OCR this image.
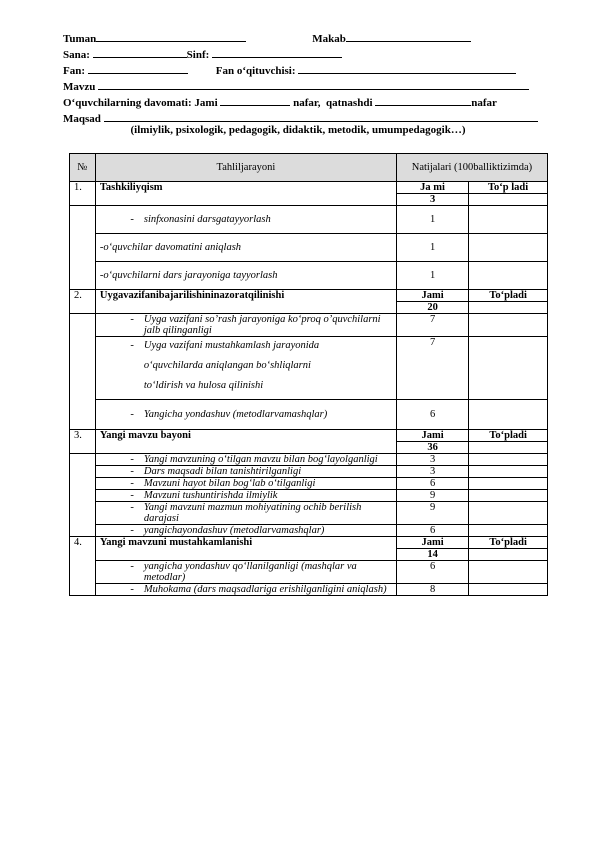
Tuman	Makab
Sana:	Sinf:
Fan:	Fan o‘qituvchisi:
Mavzu
O‘quvchilarning davomati: Jami	nafar,  qatnashdi	nafar
Maqsad
(ilmiylik, psixologik, pedagogik, didaktik, metodik, umumpedagogik…)
№	Tahliljarayoni	Natijalari (100balliktizimda)	
1.	Tashkiliyqism	Ja mi	To‘p ladi
		3	

	- sinfxonasini darsgatayyorlash	1	
	-o‘quvchilar davomatini aniqlash	1	
	-o‘quvchilarni dars jarayoniga tayyorlash	1	
2.	Uygavazifanibajarilishininazoratqilinishi	Jami	To‘pladi
		20	

	- Uyga vazifani so’rash jarayoniga ko‘proq o’quvchilarni jalb qilinganligi	7	

	- Uyga vazifani mustahkamlash jarayonida
o‘quvchilarda aniqlangan bo‘shliqlarni
to‘ldirish va hulosa qilinishi	7	

	- Yangicha yondashuv (metodlarvamashqlar)	6	
3.	Yangi mavzu bayoni	Jami	To‘pladi
		36	

	- Yangi mavzuning o‘tilgan mavzu bilan bog‘layolganligi	3	

	- Dars maqsadi bilan tanishtirilganligi	3	

	- Mavzuni hayot bilan bog‘lab o‘tilganligi	6	

	- Mavzuni tushuntirishda ilmiylik	9	

	- Yangi mavzuni mazmun mohiyatining ochib berilish darajasi	9	

	- yangichayondashuv (metodlarvamashqlar)	6	
4.	Yangi mavzuni mustahkamlanishi	Jami	To‘pladi
		14	

	- yangicha yondashuv qo‘llanilganligi (mashqlar va metodlar)	6	

	- Muhokama (dars maqsadlariga erishilganligini aniqlash)	8	
